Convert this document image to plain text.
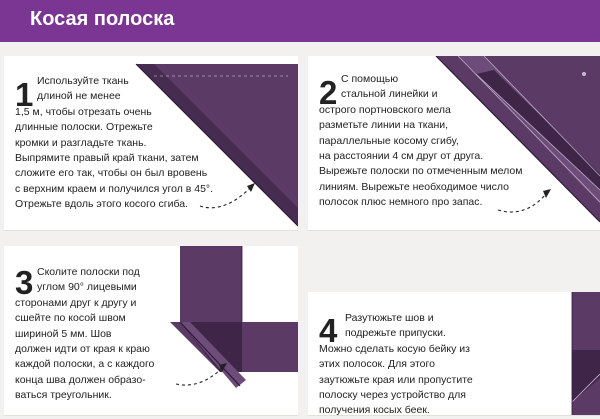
Косая полоска
1 Используйте ткань
длиной не менее
1,5 м, чтобы отрезать очень
длинные полоски. Отрежьте
кромки и разгладьте ткань.
Выпрямите правый край ткани, затем
сложите его так, чтобы он был вровень
с верхним краем и получился угол в 45°.
Отрежьте вдоль этого косого сгиба.
2 С помощью
стальной линейки и
острого портновского мела
разметьте линии на ткани,
параллельные косому сгибу,
на расстоянии 4 см друг от друга.
Вырежьте полоски по отмеченным мелом
линиям. Вырежьте необходимое число
полосок плюс немного про запас.
3 Сколите полоски под
углом 90° лицевыми
сторонами друг к другу и
сшейте по косой швом
шириной 5 мм. Шов
должен идти от края к краю
каждой полоски, а с каждого
конца шва должен образо-
ваться треугольник.
4 Разутюжьте шов и
подрежьте припуски.
Можно сделать косую бейку из
этих полосок. Для этого
заутюжьте края или пропустите
полоску через устройство для
получения косых беек.
